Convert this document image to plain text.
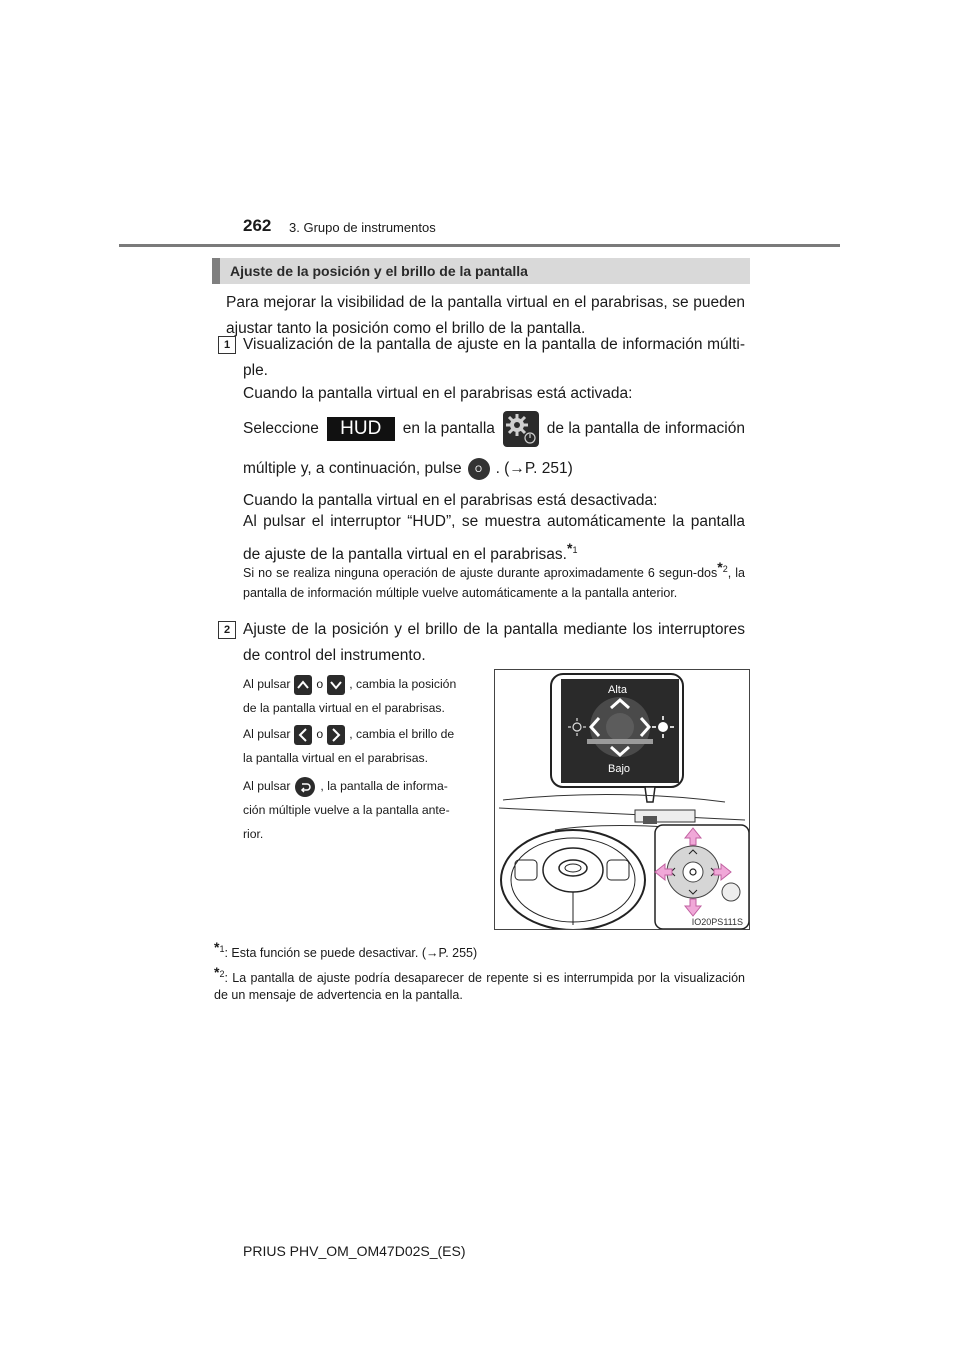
262 3. Grupo de instrumentos
Ajuste de la posición y el brillo de la pantalla
Para mejorar la visibilidad de la pantalla virtual en el parabrisas, se pueden ajustar tanto la posición como el brillo de la pantalla.
1 Visualización de la pantalla de ajuste en la pantalla de información múlti-ple.
Cuando la pantalla virtual en el parabrisas está activada:
Seleccione	HUD	en la pantalla	de la pantalla de información
múltiple y, a continuación, pulse O . (→P. 251)
Cuando la pantalla virtual en el parabrisas está desactivada:
Al pulsar el interruptor “HUD”, se muestra automáticamente la pantalla de ajuste de la pantalla virtual en el parabrisas.$^{*1}$
Si no se realiza ninguna operación de ajuste durante aproximadamente 6 segun-dos$^{*2}$, la pantalla de información múltiple vuelve automáticamente a la pantalla anterior.
2 Ajuste de la posición y el brillo de la pantalla mediante los interruptores de control del instrumento.
Al pulsar o , cambia la posición
de la pantalla virtual en el parabrisas.
Al pulsar o , cambia el brillo de
la pantalla virtual en el parabrisas.
Al pulsar , la pantalla de informa-
ción múltiple vuelve a la pantalla ante-
rior.
Alta
Bajo
IO20PS111S
$^{*1}$: Esta función se puede desactivar. (→P. 255)
$^{*2}$: La pantalla de ajuste podría desaparecer de repente si es interrumpida por la visualización de un mensaje de advertencia en la pantalla.
PRIUS PHV_OM_OM47D02S_(ES)
